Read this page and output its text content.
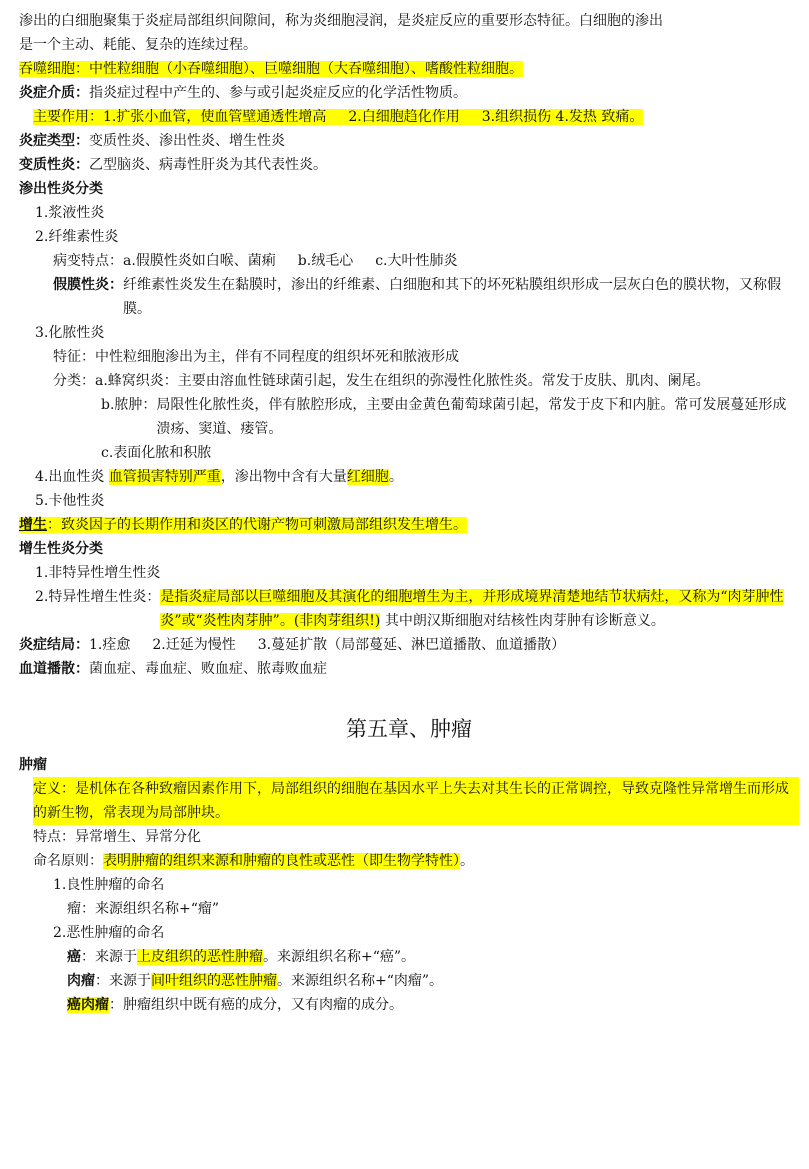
渗出的白细胞聚集于炎症局部组织间隙间，称为炎细胞浸润，是炎症反应的重要形态特征。白细胞的渗出
是一个主动、耗能、复杂的连续过程。
吞噬细胞：中性粒细胞（小吞噬细胞）、巨噬细胞（大吞噬细胞）、嗜酸性粒细胞。
炎症介质：指炎症过程中产生的、参与或引起炎症反应的化学活性物质。
主要作用：1.扩张小血管，使血管壁通透性增高 2.白细胞趋化作用 3.组织损伤 4.发热 致痛。
炎症类型：变质性炎、渗出性炎、增生性炎
变质性炎：乙型脑炎、病毒性肝炎为其代表性炎。
渗出性炎分类
1.浆液性炎
2.纤维素性炎
病变特点：a.假膜性炎如白喉、菌痢 b.绒毛心 c.大叶性肺炎
假膜性炎： 纤维素性炎发生在黏膜时，渗出的纤维素、白细胞和其下的坏死粘膜组织形成一层灰白色的膜状物，又称假膜。
3.化脓性炎
特征：中性粒细胞渗出为主，伴有不同程度的组织坏死和脓液形成
分类： a.蜂窝织炎： 主要由溶血性链球菌引起，发生在组织的弥漫性化脓性炎。常发于皮肤、肌肉、阑尾。
b.脓肿： 局限性化脓性炎，伴有脓腔形成，主要由金黄色葡萄球菌引起，常发于皮下和内脏。常可发展蔓延形成溃疡、窦道、瘘管。
c.表面化脓和积脓
4.出血性炎 血管损害特别严重，渗出物中含有大量红细胞。
5.卡他性炎
增生：致炎因子的长期作用和炎区的代谢产物可刺激局部组织发生增生。
增生性炎分类
1.非特异性增生性炎
2.特异性增生性炎： 是指炎症局部以巨噬细胞及其演化的细胞增生为主，并形成境界清楚地结节状病灶，又称为“肉芽肿性炎”或“炎性肉芽肿”。(非肉芽组织!) 其中朗汉斯细胞对结核性肉芽肿有诊断意义。
炎症结局：1.痊愈 2.迁延为慢性 3.蔓延扩散（局部蔓延、淋巴道播散、血道播散）
血道播散：菌血症、毒血症、败血症、脓毒败血症
第五章、肿瘤
肿瘤
定义：是机体在各种致瘤因素作用下，局部组织的细胞在基因水平上失去对其生长的正常调控，导致克隆性异常增生而形成的新生物，常表现为局部肿块。
特点：异常增生、异常分化
命名原则：表明肿瘤的组织来源和肿瘤的良性或恶性（即生物学特性）。
1.良性肿瘤的命名
瘤：来源组织名称+“瘤”
2.恶性肿瘤的命名
癌：来源于上皮组织的恶性肿瘤。来源组织名称+“癌”。
肉瘤：来源于间叶组织的恶性肿瘤。来源组织名称+“肉瘤”。
癌肉瘤：肿瘤组织中既有癌的成分，又有肉瘤的成分。
